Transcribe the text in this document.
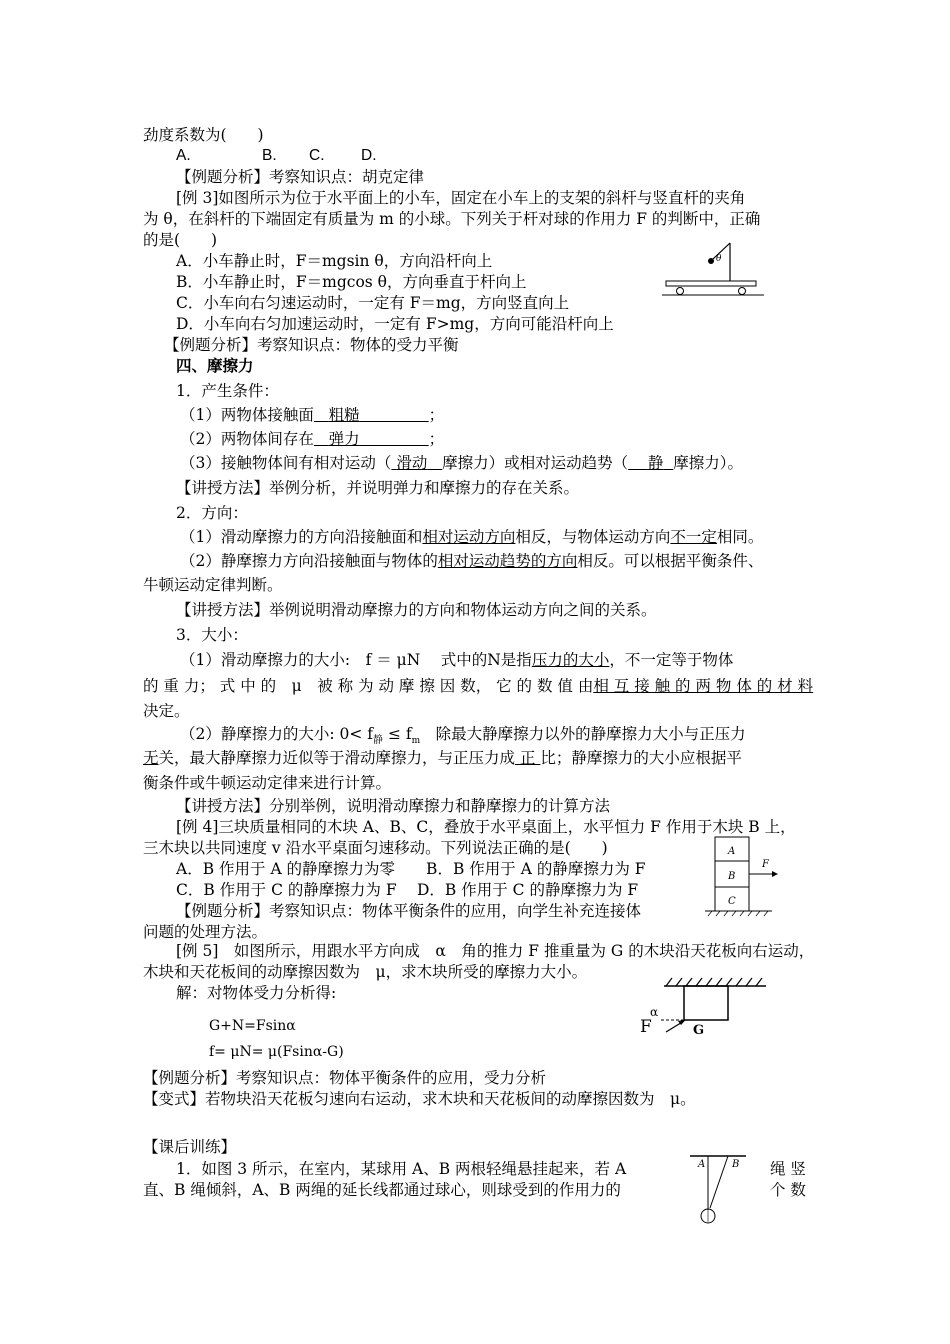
劲度系数为(　　)
A.	B. C. D.
【例题分析】考察知识点：胡克定律
[例 3]如图所示为位于水平面上的小车，固定在小车上的支架的斜杆与竖直杆的夹角
为 θ，在斜杆的下端固定有质量为 m 的小球。下列关于杆对球的作用力 F 的判断中，正确
的是(　　)
A．小车静止时，F＝mgsin θ，方向沿杆向上
B．小车静止时，F＝mgcos θ，方向垂直于杆向上
C．小车向右匀速运动时，一定有 F＝mg，方向竖直向上
D．小车向右匀加速运动时，一定有 F>mg，方向可能沿杆向上
【例题分析】考察知识点：物体的受力平衡
四、摩擦力
1．产生条件：
（1）两物体接触面 粗糙	；
（2）两物体间存在 弹力	；
（3）接触物体间有相对运动（ 滑动 摩擦力）或相对运动趋势（ 静 摩擦力）。
【讲授方法】举例分析，并说明弹力和摩擦力的存在关系。
2．方向：
（1）滑动摩擦力的方向沿接触面和相对运动方向相反，与物体运动方向不一定相同。
（2）静摩擦力方向沿接触面与物体的相对运动趋势的方向相反。可以根据平衡条件、
牛顿运动定律判断。
【讲授方法】举例说明滑动摩擦力的方向和物体运动方向之间的关系。
3．大小：
（1）滑动摩擦力的大小:　f ＝ μN　 式中的N是指压力的大小，不一定等于物体
的 重 力； 式 中 的　μ　被 称 为 动 摩 擦 因 数， 它 的 数 值 由相 互 接 触 的 两 物 体 的 材 料
决定。
（2）静摩擦力的大小: $0< f_静 \le f_m$　除最大静摩擦力以外的静摩擦力大小与正压力
无关，最大静摩擦力近似等于滑动摩擦力，与正压力成 正 比；静摩擦力的大小应根据平
衡条件或牛顿运动定律来进行计算。
【讲授方法】分别举例，说明滑动摩擦力和静摩擦力的计算方法
[例 4]三块质量相同的木块 A、B、C，叠放于水平桌面上，水平恒力 F 作用于木块 B 上，
三木块以共同速度 v 沿水平桌面匀速移动。下列说法正确的是(　　)
A．B 作用于 A 的静摩擦力为零　　B．B 作用于 A 的静摩擦力为 F
C．B 作用于 C 的静摩擦力为 F　 D．B 作用于 C 的静摩擦力为 F
【例题分析】考察知识点：物体平衡条件的应用，向学生补充连接体
问题的处理方法。
[例 5]　如图所示，用跟水平方向成　α　角的推力 F 推重量为 G 的木块沿天花板向右运动，
木块和天花板间的动摩擦因数为　μ，求木块所受的摩擦力大小。
解：对物体受力分析得:
G+N=Fsinα
f= μN= μ(Fsinα-G)
【例题分析】考察知识点：物体平衡条件的应用，受力分析
【变式】若物块沿天花板匀速向右运动，求木块和天花板间的动摩擦因数为　μ。
【课后训练】
1．如图 3 所示，在室内，某球用 A、B 两根轻绳悬挂起来，若 A	绳 竖
直、B 绳倾斜，A、B 两绳的延长线都通过球心，则球受到的作用力的	个 数
θ
A
B
C
F
F
α
G
A	B
